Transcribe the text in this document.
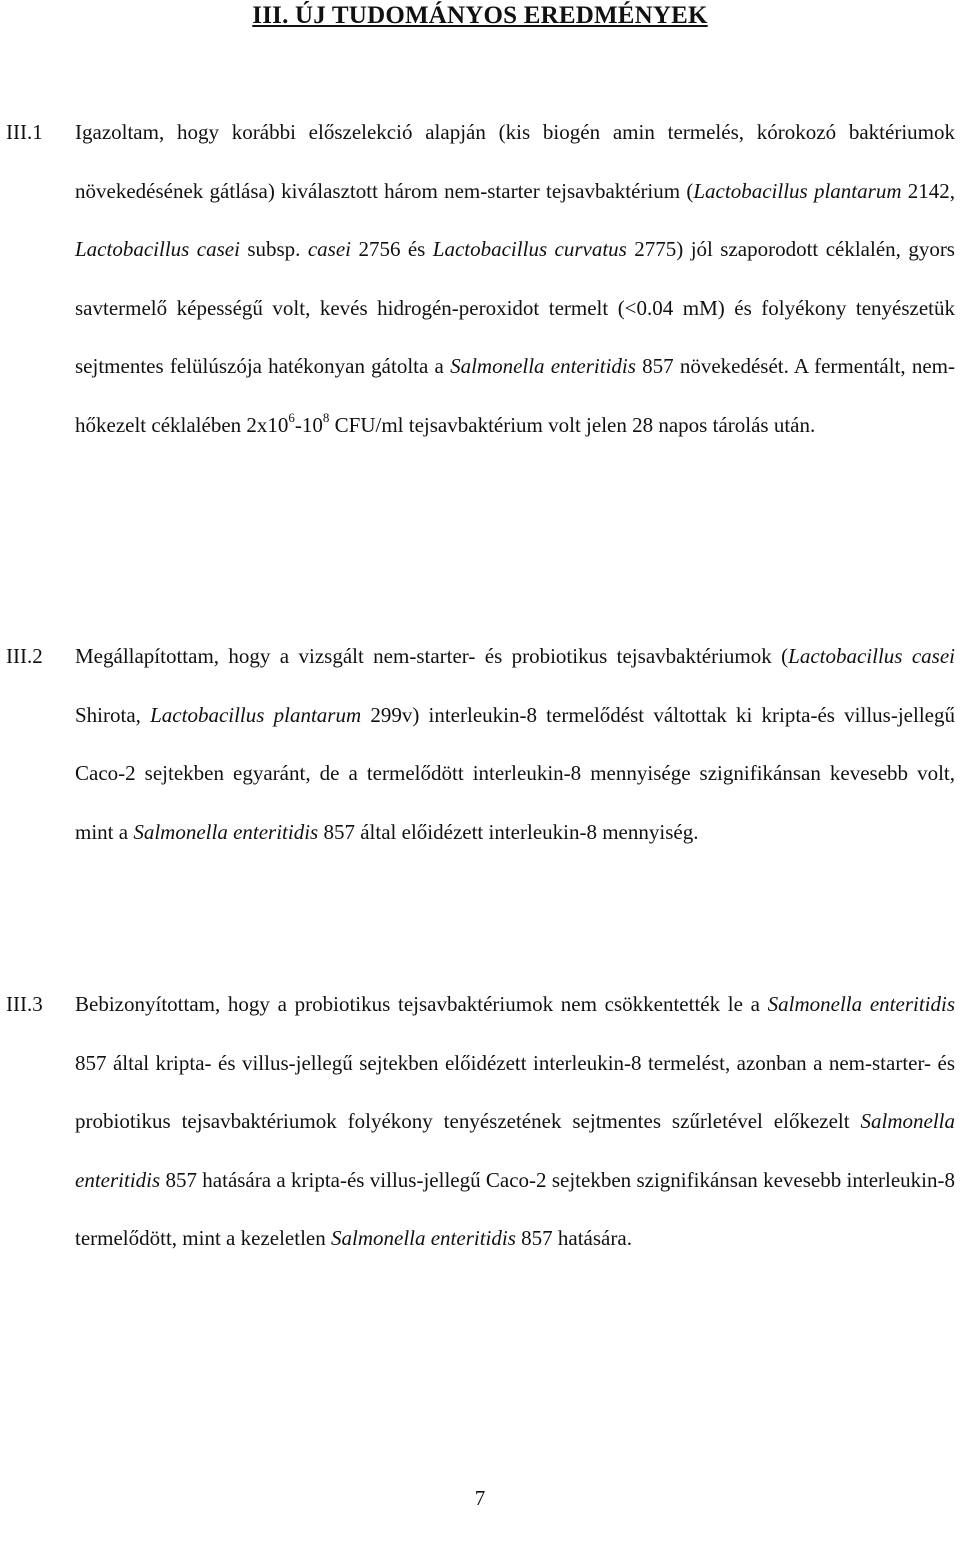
III. ÚJ TUDOMÁNYOS EREDMÉNYEK
III.1 Igazoltam, hogy korábbi előszelekció alapján (kis biogén amin termelés, kórokozó baktériumok növekedésének gátlása) kiválasztott három nem-starter tejsavbaktérium (Lactobacillus plantarum 2142, Lactobacillus casei subsp. casei 2756 és Lactobacillus curvatus 2775) jól szaporodott céklalén, gyors savtermelő képességű volt, kevés hidrogén-peroxidot termelt (<0.04 mM) és folyékony tenyészetük sejtmentes felülúszója hatékonyan gátolta a Salmonella enteritidis 857 növekedését. A fermentált, nem-hőkezelt céklalében $2x10^6-10^8$ CFU/ml tejsavbaktérium volt jelen 28 napos tárolás után.
III.2 Megállapítottam, hogy a vizsgált nem-starter- és probiotikus tejsavbaktériumok (Lactobacillus casei Shirota, Lactobacillus plantarum 299v) interleukin-8 termelődést váltottak ki kripta-és villus-jellegű Caco-2 sejtekben egyaránt, de a termelődött interleukin-8 mennyisége szignifikánsan kevesebb volt, mint a Salmonella enteritidis 857 által előidézett interleukin-8 mennyiség.
III.3 Bebizonyítottam, hogy a probiotikus tejsavbaktériumok nem csökkentették le a Salmonella enteritidis 857 által kripta- és villus-jellegű sejtekben előidézett interleukin-8 termelést, azonban a nem-starter- és probiotikus tejsavbaktériumok folyékony tenyészetének sejtmentes szűrletével előkezelt Salmonella enteritidis 857 hatására a kripta-és villus-jellegű Caco-2 sejtekben szignifikánsan kevesebb interleukin-8 termelődött, mint a kezeletlen Salmonella enteritidis 857 hatására.
7
